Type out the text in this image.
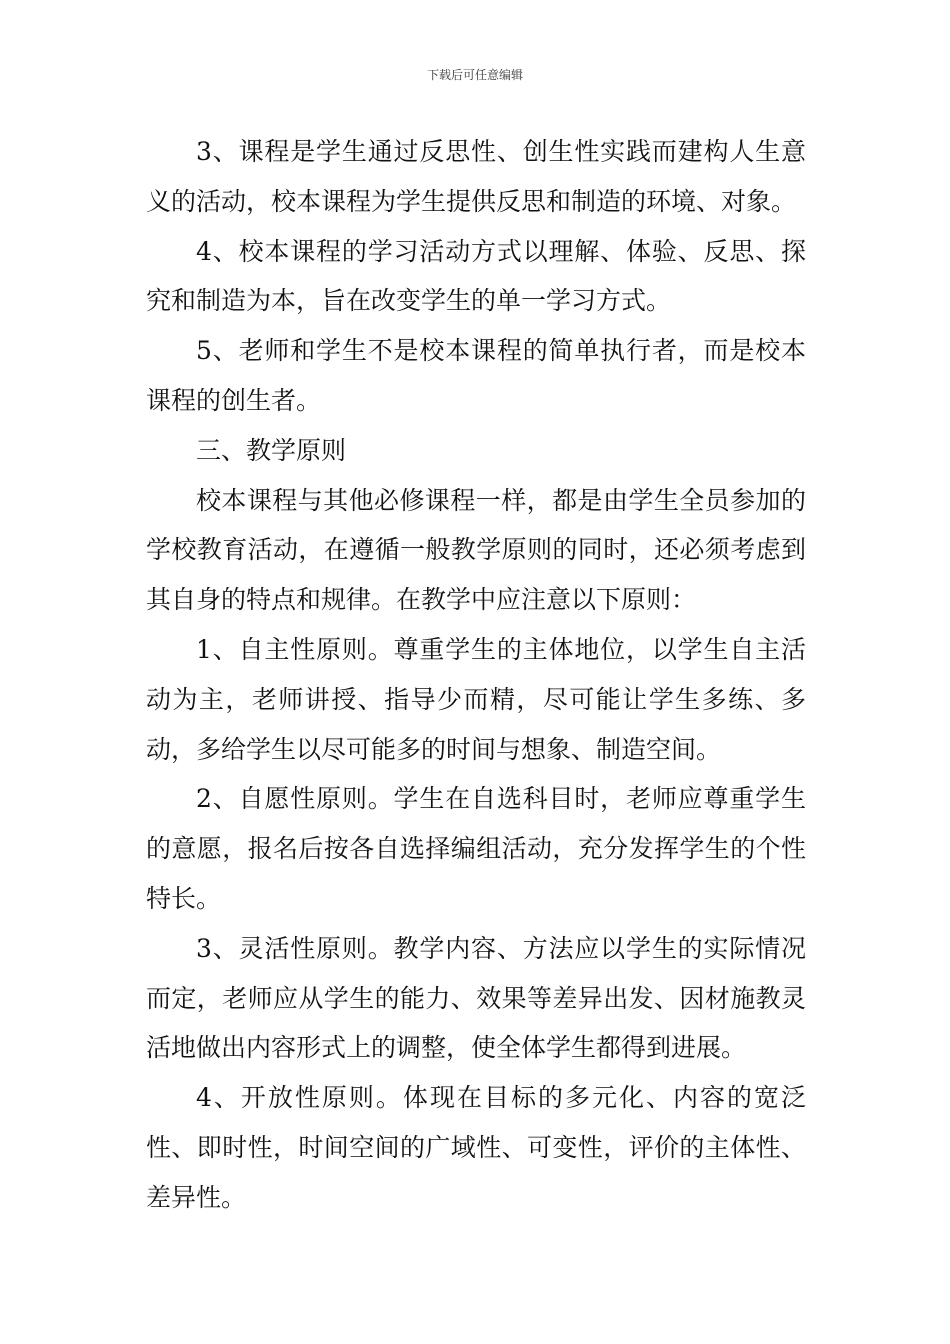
下载后可任意编辑

3、课程是学生通过反思性、创生性实践而建构人生意义的活动，校本课程为学生提供反思和制造的环境、对象。

4、校本课程的学习活动方式以理解、体验、反思、探究和制造为本，旨在改变学生的单一学习方式。

5、老师和学生不是校本课程的简单执行者，而是校本课程的创生者。

三、教学原则

校本课程与其他必修课程一样，都是由学生全员参加的学校教育活动，在遵循一般教学原则的同时，还必须考虑到其自身的特点和规律。在教学中应注意以下原则：

1、自主性原则。尊重学生的主体地位，以学生自主活动为主，老师讲授、指导少而精，尽可能让学生多练、多动，多给学生以尽可能多的时间与想象、制造空间。

2、自愿性原则。学生在自选科目时，老师应尊重学生的意愿，报名后按各自选择编组活动，充分发挥学生的个性特长。

3、灵活性原则。教学内容、方法应以学生的实际情况而定，老师应从学生的能力、效果等差异出发、因材施教灵活地做出内容形式上的调整，使全体学生都得到进展。

4、开放性原则。体现在目标的多元化、内容的宽泛性、即时性，时间空间的广域性、可变性，评价的主体性、差异性。
